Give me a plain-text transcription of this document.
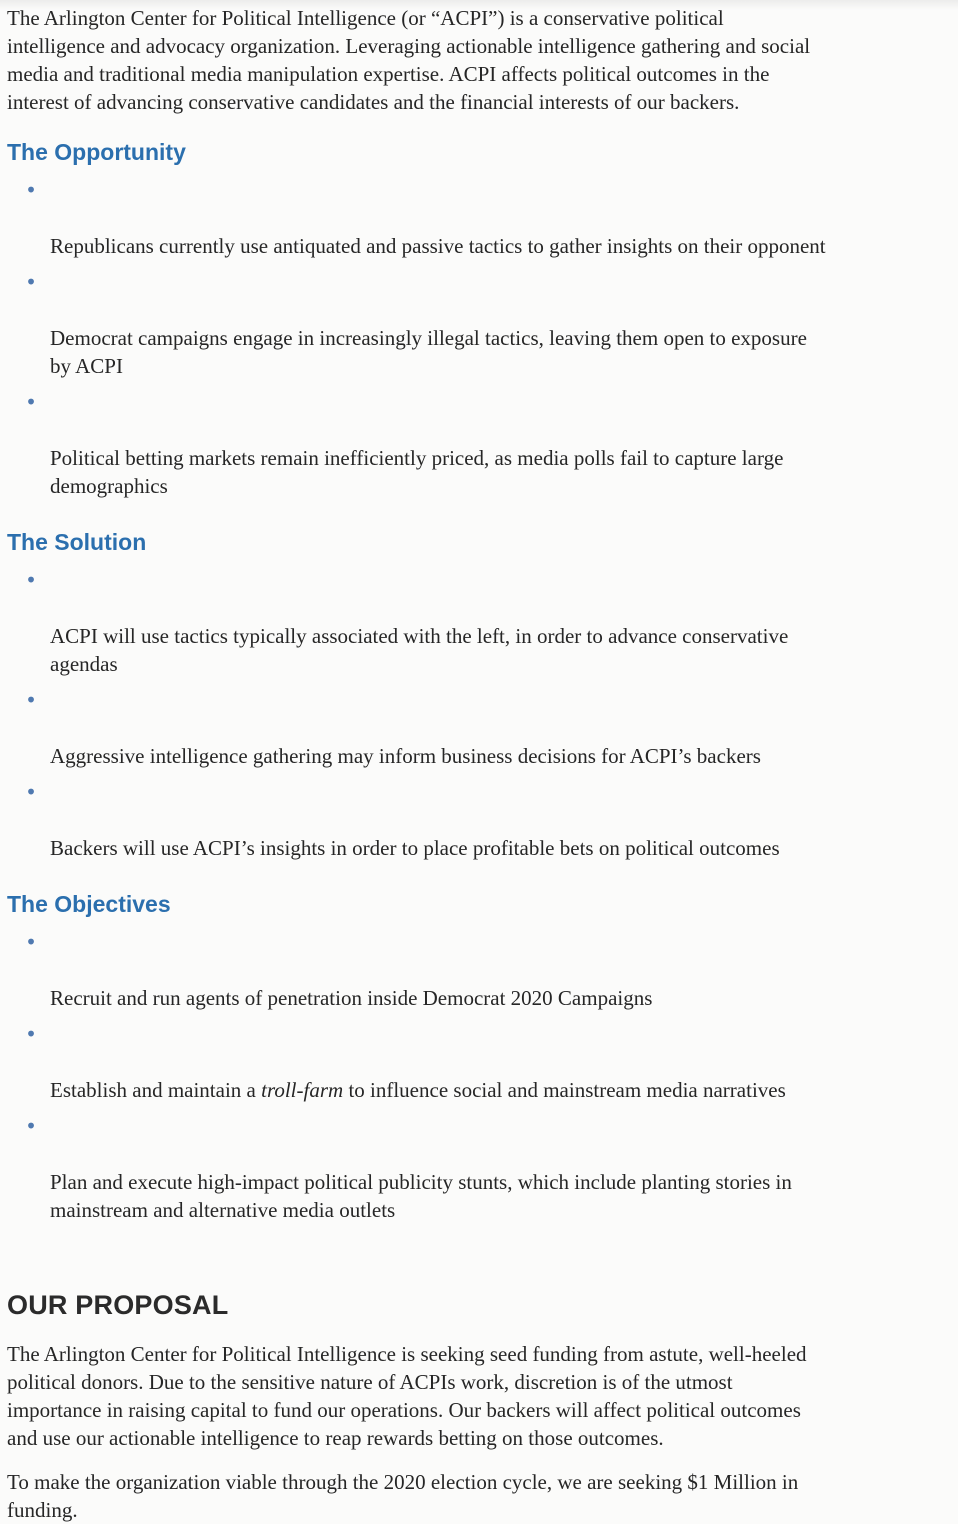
The Arlington Center for Political Intelligence (or “ACPI”) is a conservative political
intelligence and advocacy organization. Leveraging actionable intelligence gathering and social
media and traditional media manipulation expertise. ACPI affects political outcomes in the
interest of advancing conservative candidates and the financial interests of our backers.

The Opportunity

•

Republicans currently use antiquated and passive tactics to gather insights on their opponent

•

Democrat campaigns engage in increasingly illegal tactics, leaving them open to exposure
by ACPI

•

Political betting markets remain inefficiently priced, as media polls fail to capture large
demographics

The Solution

•

ACPI will use tactics typically associated with the left, in order to advance conservative
agendas

•

Aggressive intelligence gathering may inform business decisions for ACPI’s backers

•

Backers will use ACPI’s insights in order to place profitable bets on political outcomes

The Objectives

•

Recruit and run agents of penetration inside Democrat 2020 Campaigns

•

Establish and maintain a troll-farm to influence social and mainstream media narratives

•

Plan and execute high-impact political publicity stunts, which include planting stories in
mainstream and alternative media outlets

OUR PROPOSAL

The Arlington Center for Political Intelligence is seeking seed funding from astute, well-heeled
political donors. Due to the sensitive nature of ACPIs work, discretion is of the utmost
importance in raising capital to fund our operations. Our backers will affect political outcomes
and use our actionable intelligence to reap rewards betting on those outcomes.

To make the organization viable through the 2020 election cycle, we are seeking $1 Million in
funding.
